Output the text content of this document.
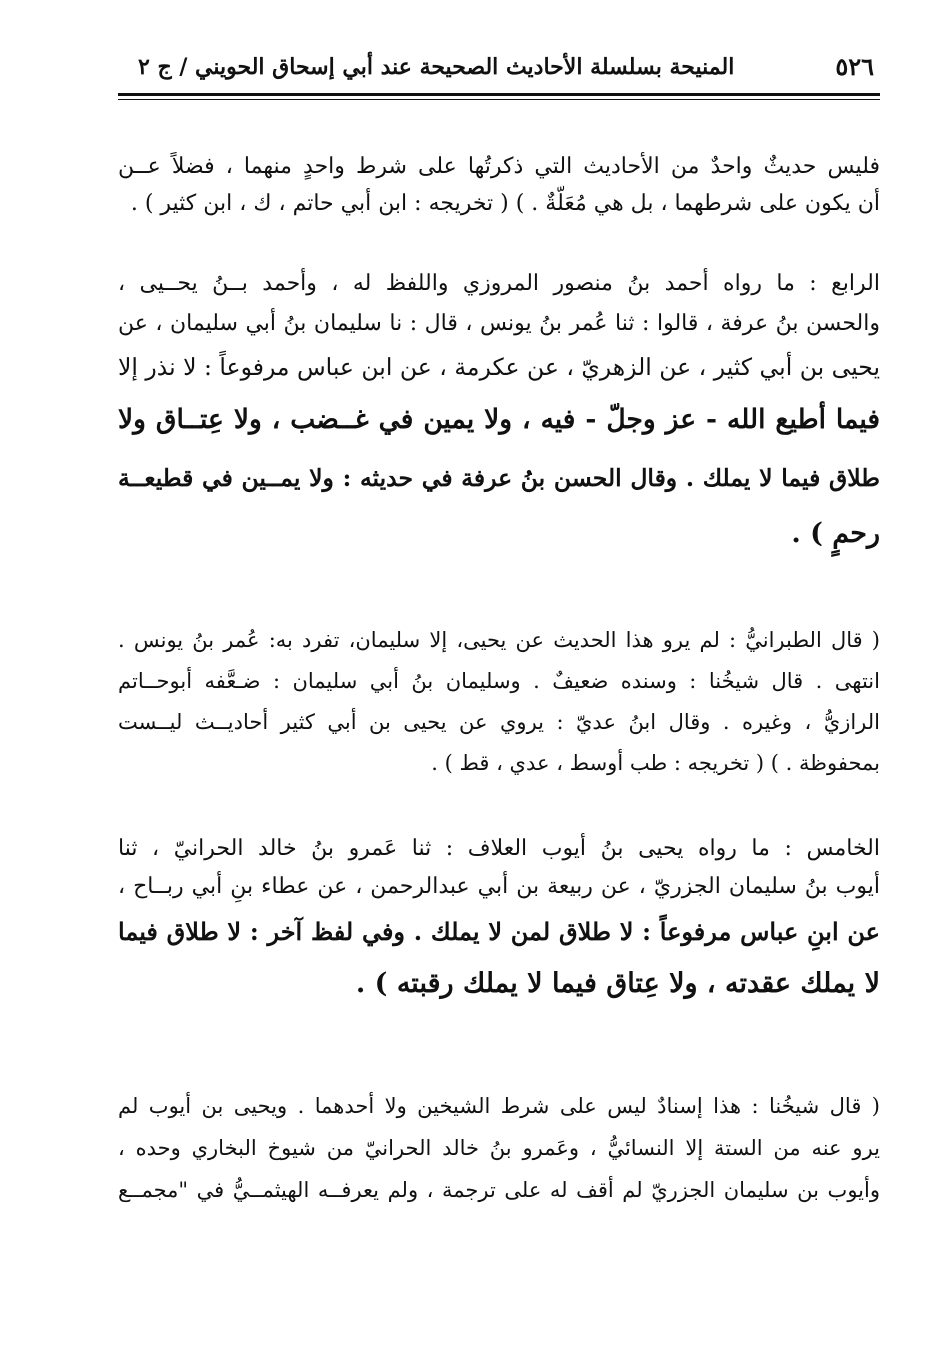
٥٢٦
المنيحة بسلسلة الأحاديث الصحيحة عند أبي إسحاق الحويني / ج ٢
فليس حديثٌ واحدٌ من الأحاديث التي ذكرتُها على شرط واحدٍ منهما ، فضلاً عــن
أن يكون على شرطهما ، بل هي مُعَلّةٌ . ) ( تخريجه : ابن أبي حاتم ، ك ، ابن كثير ) .
الرابع : ما رواه أحمد بنُ منصور المروزي واللفظ له ، وأحمد بــنُ يحــيى ،
والحسن بنُ عرفة ، قالوا : ثنا عُمر بنُ يونس ، قال : نا سليمان بنُ أبي سليمان ، عن
يحيى بن أبي كثير ، عن الزهريّ ، عن عكرمة ، عن ابن عباس مرفوعاً : لا نذر إلا
فيما أطيع الله - عز وجلّ - فيه ، ولا يمين في غــضب ، ولا عِتــاق ولا
طلاق فيما لا يملك . وقال الحسن بنُ عرفة في حديثه : ولا يمــين في قطيعــة
رحمٍ ) .
( قال الطبرانيُّ : لم يرو هذا الحديث عن يحيى، إلا سليمان، تفرد به: عُمر بنُ يونس .
انتهى . قال شيخُنا : وسنده ضعيفٌ . وسليمان بنُ أبي سليمان : ضـعَّفه أبوحــاتم
الرازيُّ ، وغيره . وقال ابنُ عديّ : يروي عن يحيى بن أبي كثير أحاديــث ليــست
بمحفوظة . ) ( تخريجه : طب أوسط ، عدي ، قط ) .
الخامس : ما رواه يحيى بنُ أيوب العلاف : ثنا عَمرو بنُ خالد الحرانيّ ، ثنا
أيوب بنُ سليمان الجزريّ ، عن ربيعة بن أبي عبدالرحمن ، عن عطاء بنِ أبي ربــاح ،
عن ابنِ عباس مرفوعاً : لا طلاق لمن لا يملك . وفي لفظ آخر : لا طلاق فيما
لا يملك عقدته ، ولا عِتاق فيما لا يملك رقبته ) .
( قال شيخُنا : هذا إسنادٌ ليس على شرط الشيخين ولا أحدهما . ويحيى بن أيوب لم
يرو عنه من الستة إلا النسائيُّ ، وعَمرو بنُ خالد الحرانيّ من شيوخ البخاري وحده ،
وأيوب بن سليمان الجزريّ لم أقف له على ترجمة ، ولم يعرفــه الهيثمــيُّ في "مجمــع
